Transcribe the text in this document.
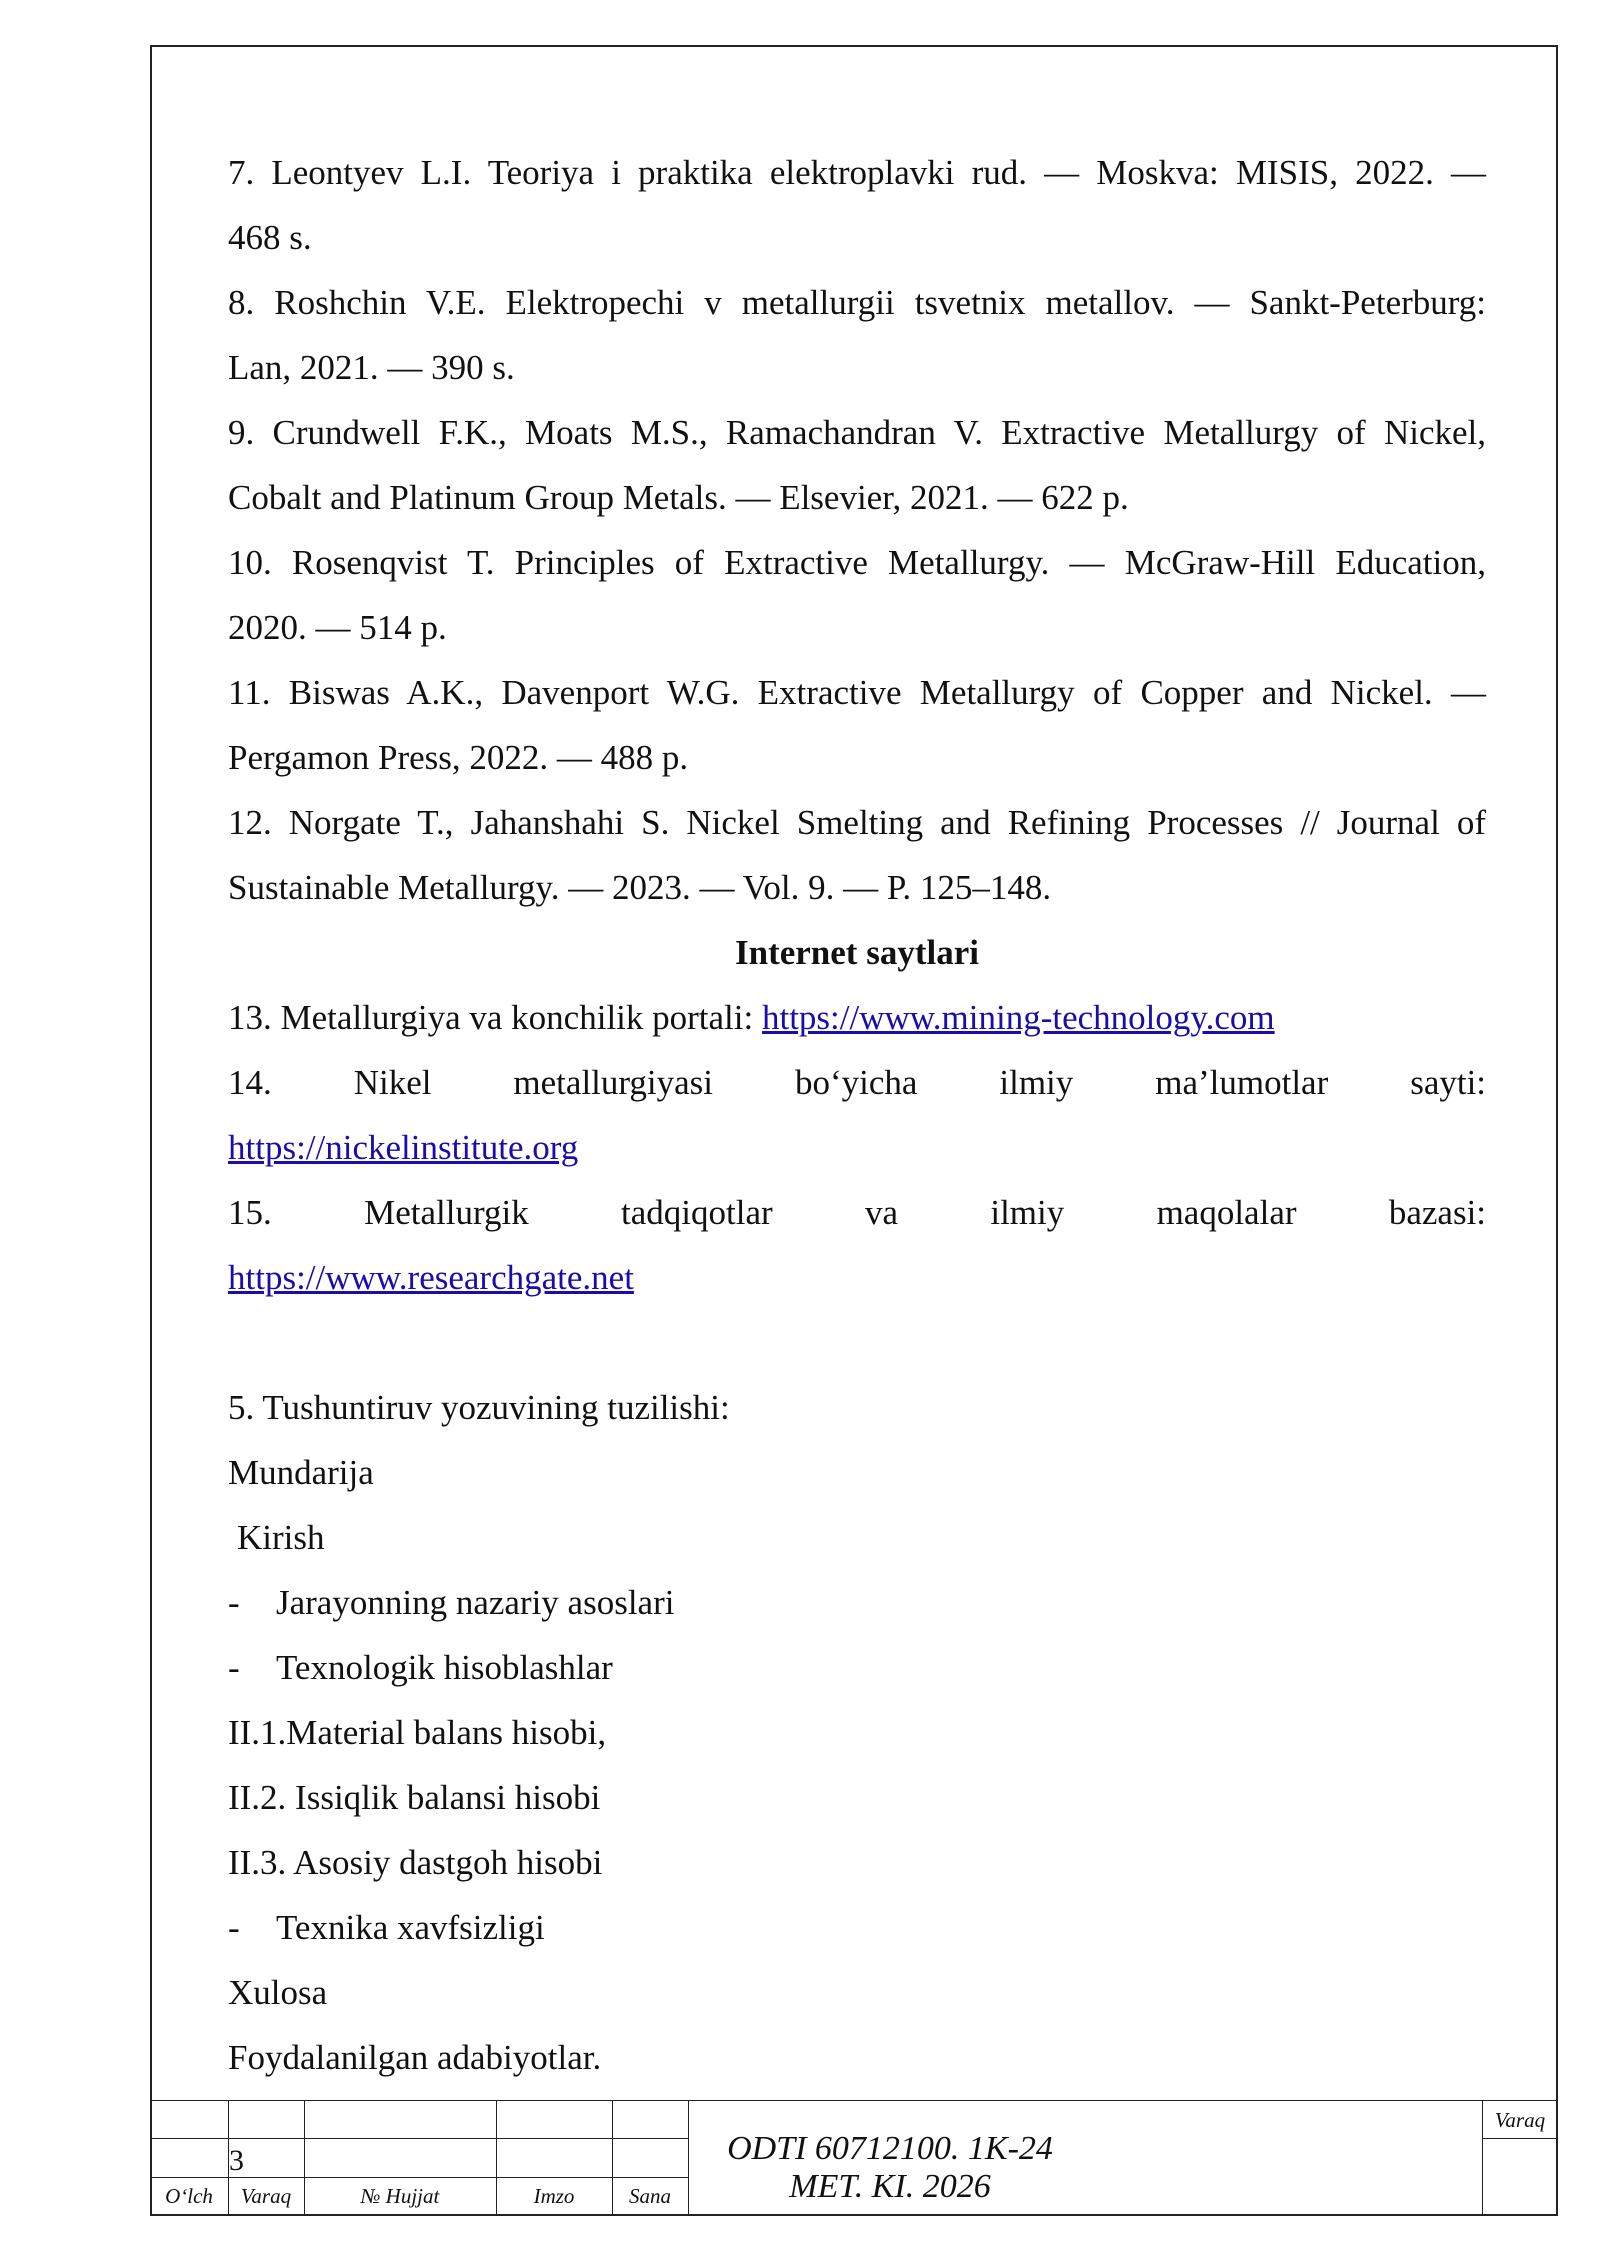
7. Leontyev L.I. Teoriya i praktika elektroplavki rud. — Moskva: MISIS, 2022. —

468 s.

8. Roshchin V.E. Elektropechi v metallurgii tsvetnix metallov. — Sankt-Peterburg:

Lan, 2021. — 390 s.

9. Crundwell F.K., Moats M.S., Ramachandran V. Extractive Metallurgy of Nickel,

Cobalt and Platinum Group Metals. — Elsevier, 2021. — 622 p.

10. Rosenqvist T. Principles of Extractive Metallurgy. — McGraw-Hill Education,

2020. — 514 p.

11. Biswas A.K., Davenport W.G. Extractive Metallurgy of Copper and Nickel. —

Pergamon Press, 2022. — 488 p.

12. Norgate T., Jahanshahi S. Nickel Smelting and Refining Processes // Journal of

Sustainable Metallurgy. — 2023. — Vol. 9. — P. 125–148.

Internet saytlari

13. Metallurgiya va konchilik portali: https://www.mining-technology.com

14. Nikel metallurgiyasi bo‘yicha ilmiy ma’lumotlar sayti:

https://nickelinstitute.org

15.	Metallurgik	tadqiqotlar	va	ilmiy	maqolalar	bazasi:

https://www.researchgate.net

5. Tushuntiruv yozuvining tuzilishi:

Mundarija

Kirish

-	Jarayonning nazariy asoslari

-	Texnologik hisoblashlar

II.1.Material balans hisobi,

II.2. Issiqlik balansi hisobi

II.3. Asosiy dastgoh hisobi

-	Texnika xavfsizligi

Xulosa

Foydalanilgan adabiyotlar.

3
O‘lch	Varaq	№ Hujjat	Imzo	Sana
ODTI 60712100. 1K-24 MET. KI. 2026
Varaq
